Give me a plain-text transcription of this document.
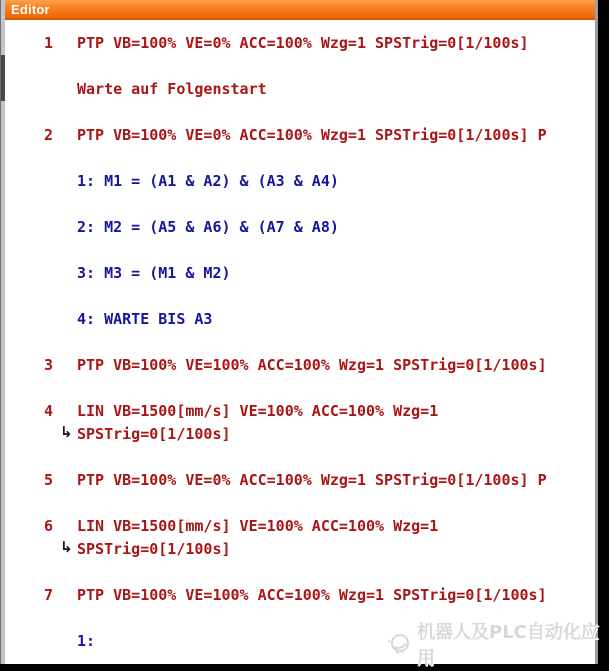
Editor
1 PTP VB=100% VE=0% ACC=100% Wzg=1 SPSTrig=0[1/100s]
Warte auf Folgenstart
2 PTP VB=100% VE=0% ACC=100% Wzg=1 SPSTrig=0[1/100s] P
1: M1 = (A1 & A2) & (A3 & A4)
2: M2 = (A5 & A6) & (A7 & A8)
3: M3 = (M1 & M2)
4: WARTE BIS A3
3 PTP VB=100% VE=100% ACC=100% Wzg=1 SPSTrig=0[1/100s]
4 LIN VB=1500[mm/s] VE=100% ACC=100% Wzg=1
↳ SPSTrig=0[1/100s]
5 PTP VB=100% VE=0% ACC=100% Wzg=1 SPSTrig=0[1/100s] P
6 LIN VB=1500[mm/s] VE=100% ACC=100% Wzg=1
↳ SPSTrig=0[1/100s]
7 PTP VB=100% VE=100% ACC=100% Wzg=1 SPSTrig=0[1/100s]
1:	机器人及PLC自动化应用
